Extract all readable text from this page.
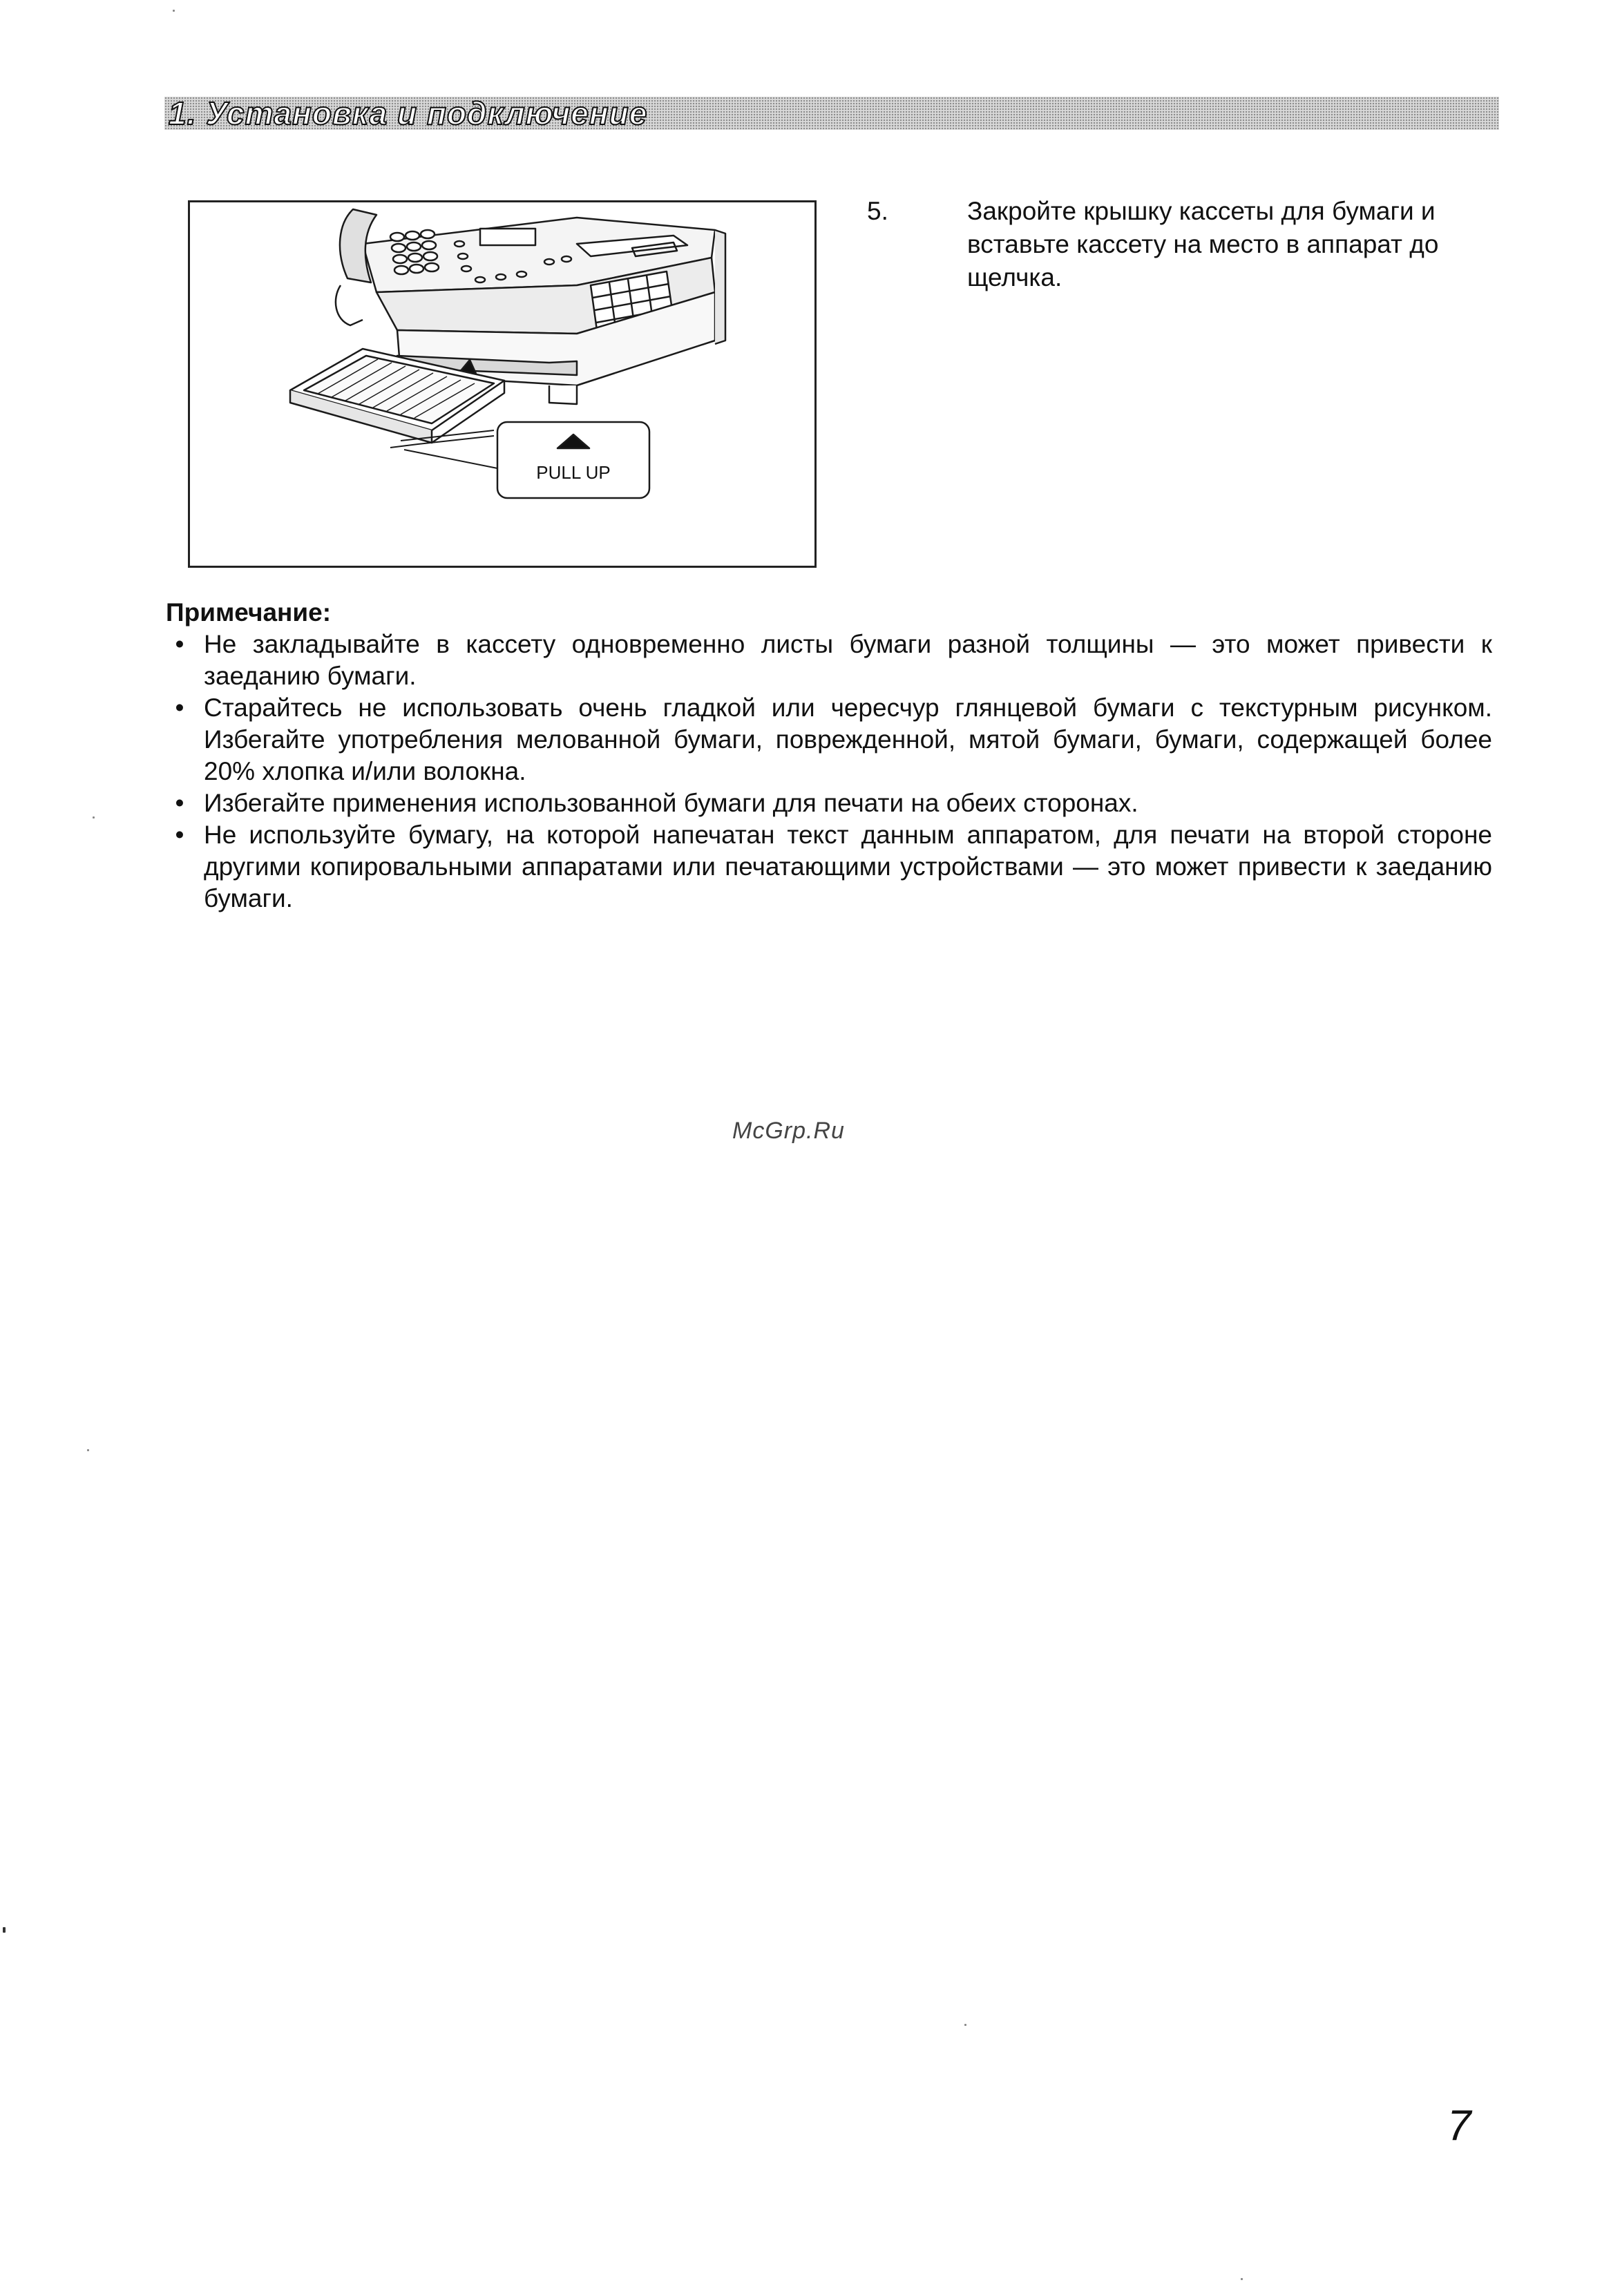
1. Установка и подключение
PULL UP
5.	Закройте крышку кассеты для бумаги и вставьте кассету на место в аппарат до щелчка.
Примечание:
• Не закладывайте в кассету одновременно листы бумаги разной толщины — это может привести к заеданию бумаги.
• Старайтесь не использовать очень гладкой или чересчур глянцевой бумаги с текстурным рисунком. Избегайте употребления мелованной бумаги, поврежденной, мятой бумаги, бумаги, содержащей более 20% хлопка и/или волокна.
• Избегайте применения использованной бумаги для печати на обеих сторонах.
• Не используйте бумагу, на которой напечатан текст данным аппаратом, для печати на второй стороне другими копировальными аппаратами или печатающими устройствами — это может привести к заеданию бумаги.
McGrp.Ru
7
